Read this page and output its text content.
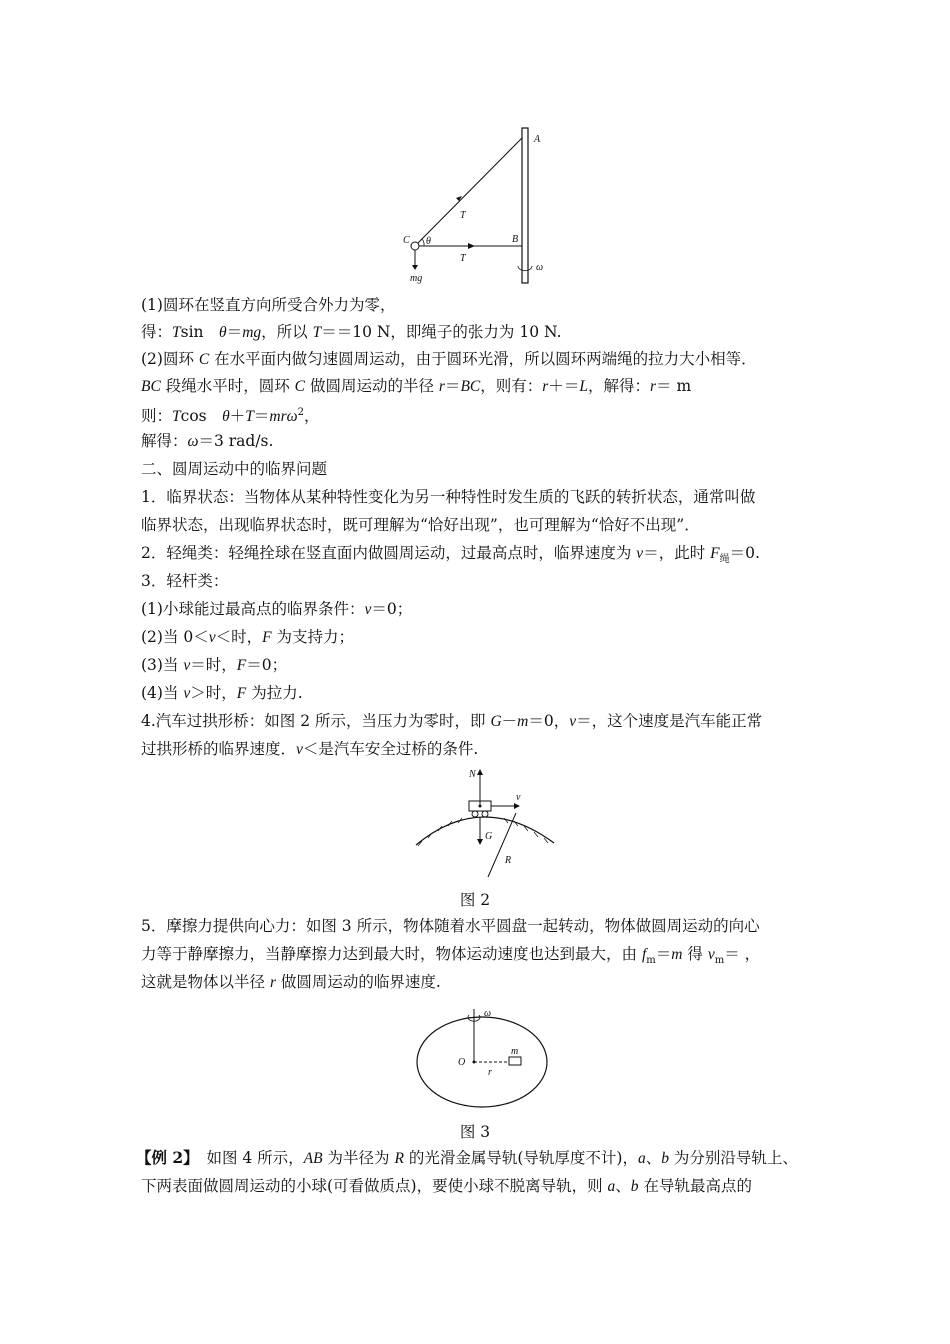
A
B
C
T
T
θ
mg
ω
(1)圆环在竖直方向所受合外力为零，
得：Tsin　θ＝mg，所以 T＝＝10 N，即绳子的张力为 10 N.
(2)圆环 C 在水平面内做匀速圆周运动，由于圆环光滑，所以圆环两端绳的拉力大小相等．
BC 段绳水平时，圆环 C 做圆周运动的半径 r＝BC，则有：r＋＝L，解得：r＝ m
则：Tcos　θ＋T＝mrω$^2$，
解得：ω＝3 rad/s.
二、圆周运动中的临界问题
1．临界状态：当物体从某种特性变化为另一种特性时发生质的飞跃的转折状态，通常叫做
临界状态，出现临界状态时，既可理解为“恰好出现”，也可理解为“恰好不出现”．
2．轻绳类：轻绳拴球在竖直面内做圆周运动，过最高点时，临界速度为 v＝，此时 $F_绳=0$.
3．轻杆类：
(1)小球能过最高点的临界条件：v＝0；
(2)当 0＜v＜时，F 为支持力；
(3)当 v＝时，F＝0；
(4)当 v＞时，F 为拉力.
4.汽车过拱形桥：如图 2 所示，当压力为零时，即 G－m＝0，v＝，这个速度是汽车能正常
过拱形桥的临界速度．v＜是汽车安全过桥的条件.
N
v
G
R
图 2
5．摩擦力提供向心力：如图 3 所示，物体随着水平圆盘一起转动，物体做圆周运动的向心
力等于静摩擦力，当静摩擦力达到最大时，物体运动速度也达到最大，由 $f_m=m$ 得 $v_m=$ ，
这就是物体以半径 r 做圆周运动的临界速度.
ω
O
m
r
图 3
【例 2】　如图 4 所示，AB 为半径为 R 的光滑金属导轨(导轨厚度不计)，a、b 为分别沿导轨上、
下两表面做圆周运动的小球(可看做质点)，要使小球不脱离导轨，则 a、b 在导轨最高点的
